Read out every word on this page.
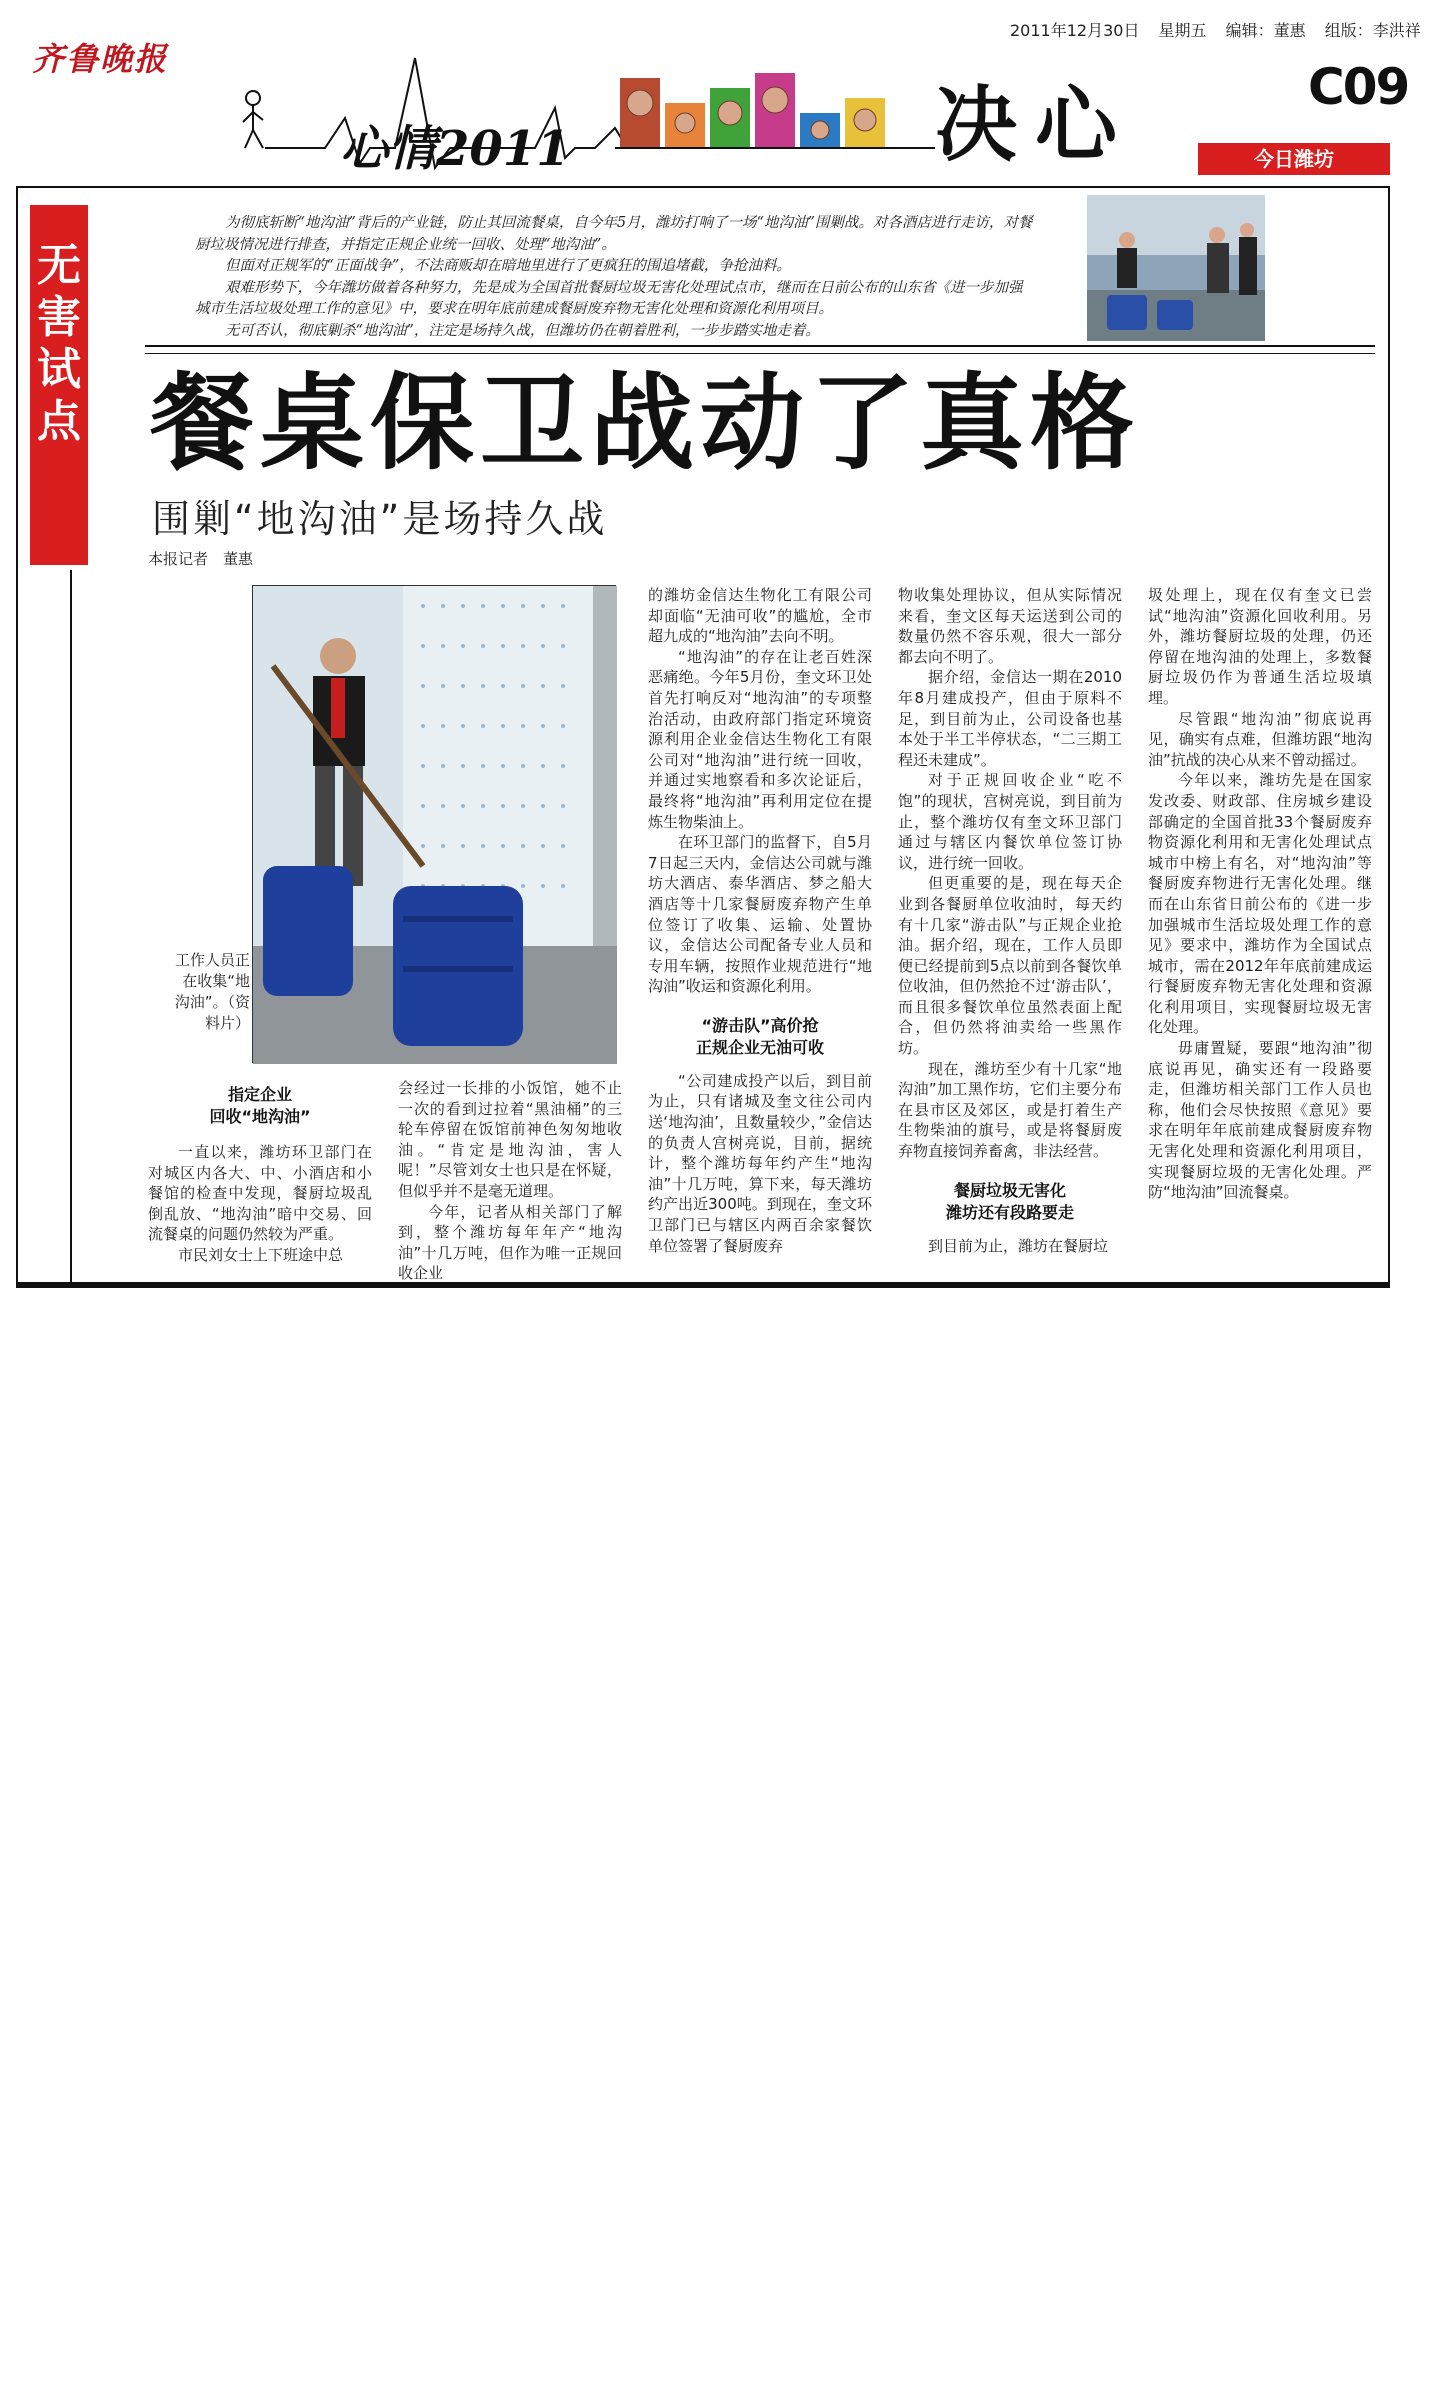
齐鲁晚报
2011年12月30日 星期五 编辑：董惠 组版：李洪祥
C09
今日潍坊
心情2011	决心
无害试点

为彻底斩断“地沟油”背后的产业链，防止其回流餐桌，自今年5月，潍坊打响了一场“地沟油”围剿战。对各酒店进行走访，对餐厨垃圾情况进行排查，并指定正规企业统一回收、处理“地沟油”。

但面对正规军的“正面战争”，不法商贩却在暗地里进行了更疯狂的围追堵截，争抢油料。

艰难形势下，今年潍坊做着各种努力，先是成为全国首批餐厨垃圾无害化处理试点市，继而在日前公布的山东省《进一步加强城市生活垃圾处理工作的意见》中，要求在明年底前建成餐厨废弃物无害化处理和资源化利用项目。

无可否认，彻底剿杀“地沟油”，注定是场持久战，但潍坊仍在朝着胜利，一步步踏实地走着。

餐桌保卫战动了真格
围剿“地沟油”是场持久战
本报记者　董惠
工作人员正在收集“地沟油”。（资料片）
指定企业
回收“地沟油”

一直以来，潍坊环卫部门在对城区内各大、中、小酒店和小餐馆的检查中发现，餐厨垃圾乱倒乱放、“地沟油”暗中交易、回流餐桌的问题仍然较为严重。

市民刘女士上下班途中总

会经过一长排的小饭馆，她不止一次的看到过拉着“黑油桶”的三轮车停留在饭馆前神色匆匆地收油。“肯定是地沟油，害人呢！”尽管刘女士也只是在怀疑，但似乎并不是毫无道理。

今年，记者从相关部门了解到，整个潍坊每年年产“地沟油”十几万吨，但作为唯一正规回收企业

的潍坊金信达生物化工有限公司却面临“无油可收”的尴尬，全市超九成的“地沟油”去向不明。

“地沟油”的存在让老百姓深恶痛绝。今年5月份，奎文环卫处首先打响反对“地沟油”的专项整治活动，由政府部门指定环境资源利用企业金信达生物化工有限公司对“地沟油”进行统一回收，并通过实地察看和多次论证后，最终将“地沟油”再利用定位在提炼生物柴油上。

在环卫部门的监督下，自5月7日起三天内，金信达公司就与潍坊大酒店、泰华酒店、梦之船大酒店等十几家餐厨废弃物产生单位签订了收集、运输、处置协议，金信达公司配备专业人员和专用车辆，按照作业规范进行“地沟油”收运和资源化利用。

“游击队”高价抢
正规企业无油可收

“公司建成投产以后，到目前为止，只有诸城及奎文往公司内送‘地沟油’，且数量较少，”金信达的负责人宫树亮说，目前，据统计，整个潍坊每年约产生“地沟油”十几万吨，算下来，每天潍坊约产出近300吨。到现在，奎文环卫部门已与辖区内两百余家餐饮单位签署了餐厨废弃

物收集处理协议，但从实际情况来看，奎文区每天运送到公司的数量仍然不容乐观，很大一部分都去向不明了。

据介绍，金信达一期在2010年8月建成投产，但由于原料不足，到目前为止，公司设备也基本处于半工半停状态，“二三期工程还未建成”。

对于正规回收企业“吃不饱”的现状，宫树亮说，到目前为止，整个潍坊仅有奎文环卫部门通过与辖区内餐饮单位签订协议，进行统一回收。

但更重要的是，现在每天企业到各餐厨单位收油时，每天约有十几家“游击队”与正规企业抢油。据介绍，现在，工作人员即便已经提前到5点以前到各餐饮单位收油，但仍然抢不过‘游击队’，而且很多餐饮单位虽然表面上配合，但仍然将油卖给一些黑作坊。

现在，潍坊至少有十几家“地沟油”加工黑作坊，它们主要分布在县市区及郊区，或是打着生产生物柴油的旗号，或是将餐厨废弃物直接饲养畜禽，非法经营。

餐厨垃圾无害化
潍坊还有段路要走

到目前为止，潍坊在餐厨垃

圾处理上，现在仅有奎文已尝试“地沟油”资源化回收利用。另外，潍坊餐厨垃圾的处理，仍还停留在地沟油的处理上，多数餐厨垃圾仍作为普通生活垃圾填埋。

尽管跟“地沟油”彻底说再见，确实有点难，但潍坊跟“地沟油”抗战的决心从来不曾动摇过。

今年以来，潍坊先是在国家发改委、财政部、住房城乡建设部确定的全国首批33个餐厨废弃物资源化利用和无害化处理试点城市中榜上有名，对“地沟油”等餐厨废弃物进行无害化处理。继而在山东省日前公布的《进一步加强城市生活垃圾处理工作的意见》要求中，潍坊作为全国试点城市，需在2012年年底前建成运行餐厨废弃物无害化处理和资源化利用项目，实现餐厨垃圾无害化处理。

毋庸置疑，要跟“地沟油”彻底说再见，确实还有一段路要走，但潍坊相关部门工作人员也称，他们会尽快按照《意见》要求在明年年底前建成餐厨废弃物无害化处理和资源化利用项目，实现餐厨垃圾的无害化处理。严防“地沟油”回流餐桌。
